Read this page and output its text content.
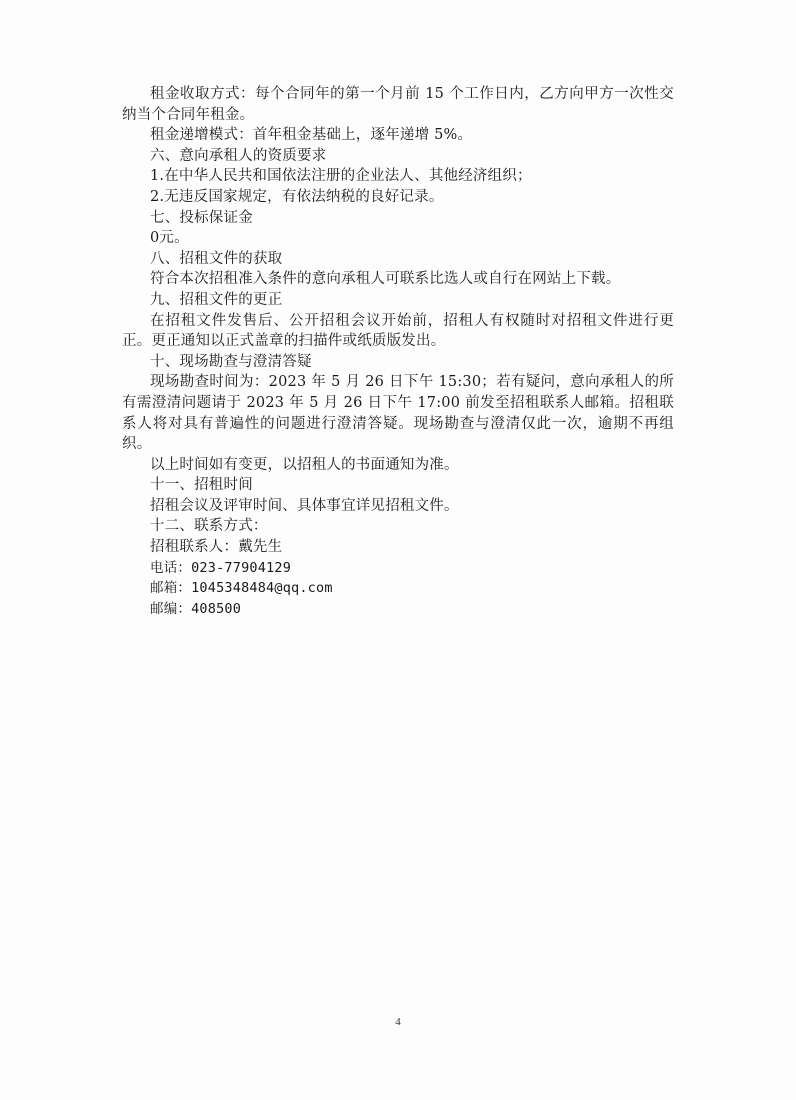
租金收取方式：每个合同年的第一个月前 15 个工作日内，乙方向甲方一次性交纳当个合同年租金。

租金递增模式：首年租金基础上，逐年递增 5%。

六、意向承租人的资质要求

1.在中华人民共和国依法注册的企业法人、其他经济组织；

2.无违反国家规定，有依法纳税的良好记录。

七、投标保证金

0元。

八、招租文件的获取

符合本次招租准入条件的意向承租人可联系比选人或自行在网站上下载。

九、招租文件的更正

在招租文件发售后、公开招租会议开始前，招租人有权随时对招租文件进行更正。更正通知以正式盖章的扫描件或纸质版发出。

十、现场勘查与澄清答疑

现场勘查时间为：2023 年 5 月 26 日下午 15:30；若有疑问，意向承租人的所有需澄清问题请于 2023 年 5 月 26 日下午 17:00 前发至招租联系人邮箱。招租联系人将对具有普遍性的问题进行澄清答疑。现场勘查与澄清仅此一次，逾期不再组织。

以上时间如有变更，以招租人的书面通知为准。

十一、招租时间

招租会议及评审时间、具体事宜详见招租文件。

十二、联系方式：

招租联系人：戴先生

电话：023-77904129

邮箱：1045348484@qq.com

邮编：408500

4
